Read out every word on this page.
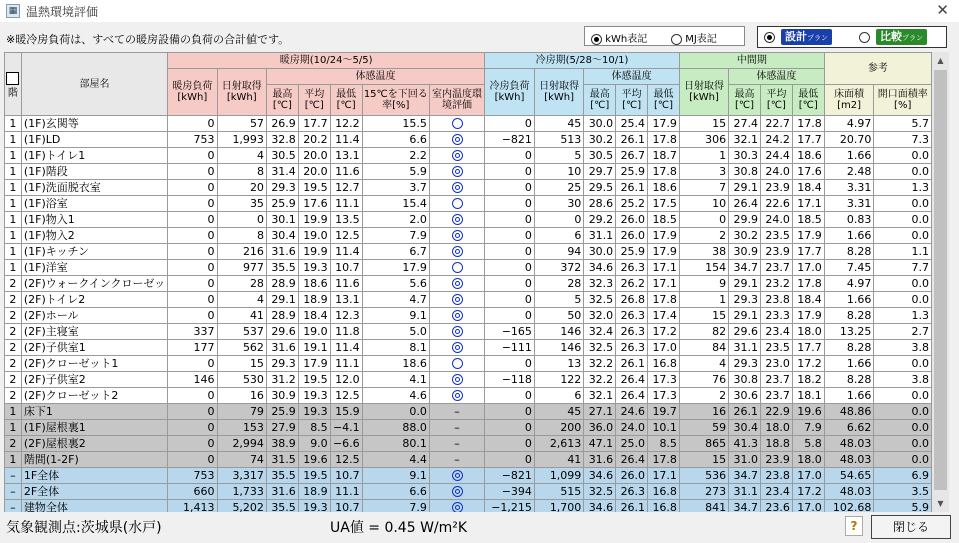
▦ 温熱環境評価	✕
※暖冷房負荷は、すべての暖房設備の負荷の合計値です。	kWh表記	MJ表記	設計プラン	比較プラン
階	部屋名	暖房期(10/24〜5/5)							冷房期(5/28〜10/1)					中間期				参考	
		暖房負荷[kWh]	日射取得[kWh]	体感温度					冷房負荷[kWh]	日射取得[kWh]	体感温度			日射取得[kWh]	体感温度				
				最高[℃]	平均[℃]	最低[℃]	15℃を下回る率[%]	室内温度環境評価			最高[℃]	平均[℃]	最低[℃]		最高[℃]	平均[℃]	最低[℃]	床面積[m2]	開口面積率[%]
1	(1F)玄関等	0	57	26.9	17.7	12.2	15.5		0	45	30.0	25.4	17.9	15	27.4	22.7	17.8	4.97	5.7
1	(1F)LD	753	1,993	32.8	20.2	11.4	6.6		−821	513	30.2	26.1	17.8	306	32.1	24.2	17.7	20.70	7.3
1	(1F)トイレ1	0	4	30.5	20.0	13.1	2.2		0	5	30.5	26.7	18.7	1	30.3	24.4	18.6	1.66	0.0
1	(1F)階段	0	8	31.4	20.0	11.6	5.9		0	10	29.7	25.9	17.8	3	30.8	24.0	17.6	2.48	0.0
1	(1F)洗面脱衣室	0	20	29.3	19.5	12.7	3.7		0	25	29.5	26.1	18.6	7	29.1	23.9	18.4	3.31	1.3
1	(1F)浴室	0	35	25.9	17.6	11.1	15.4		0	30	28.6	25.2	17.5	10	26.4	22.6	17.1	3.31	0.0
1	(1F)物入1	0	0	30.1	19.9	13.5	2.0		0	0	29.2	26.0	18.5	0	29.9	24.0	18.5	0.83	0.0
1	(1F)物入2	0	8	30.4	19.0	12.5	7.9		0	6	31.1	26.0	17.9	2	30.2	23.5	17.9	1.66	0.0
1	(1F)キッチン	0	216	31.6	19.9	11.4	6.7		0	94	30.0	25.9	17.9	38	30.9	23.9	17.7	8.28	1.1
1	(1F)洋室	0	977	35.5	19.3	10.7	17.9		0	372	34.6	26.3	17.1	154	34.7	23.7	17.0	7.45	7.7
2	(2F)ウォークインクローゼッ	0	28	28.9	18.6	11.6	5.6		0	28	32.3	26.2	17.1	9	29.1	23.2	17.8	4.97	0.0
2	(2F)トイレ2	0	4	29.1	18.9	13.1	4.7		0	5	32.5	26.8	17.8	1	29.3	23.8	18.4	1.66	0.0
2	(2F)ホール	0	41	28.9	18.4	12.3	9.1		0	50	32.0	26.3	17.4	15	29.1	23.3	17.9	8.28	1.3
2	(2F)主寝室	337	537	29.6	19.0	11.8	5.0		−165	146	32.4	26.3	17.2	82	29.6	23.4	18.0	13.25	2.7
2	(2F)子供室1	177	562	31.6	19.1	11.4	8.1		−111	146	32.5	26.3	17.0	84	31.1	23.5	17.7	8.28	3.8
2	(2F)クローゼット1	0	15	29.3	17.9	11.1	18.6		0	13	32.2	26.1	16.8	4	29.3	23.0	17.2	1.66	0.0
2	(2F)子供室2	146	530	31.2	19.5	12.0	4.1		−118	122	32.2	26.4	17.3	76	30.8	23.7	18.2	8.28	3.8
2	(2F)クローゼット2	0	16	30.9	19.3	12.5	4.6		0	6	32.1	26.4	17.3	2	30.6	23.7	18.1	1.66	0.0
1	床下1	0	79	25.9	19.3	15.9	0.0	–	0	45	27.1	24.6	19.7	16	26.1	22.9	19.6	48.86	0.0
1	(1F)屋根裏1	0	153	27.9	8.5	−4.1	88.0	–	0	200	36.0	24.0	10.1	59	30.4	18.0	7.9	6.62	0.0
2	(2F)屋根裏2	0	2,994	38.9	9.0	−6.6	80.1	–	0	2,613	47.1	25.0	8.5	865	41.3	18.8	5.8	48.03	0.0
1	階間(1-2F)	0	74	31.5	19.6	12.5	4.4	–	0	41	31.6	26.4	17.8	15	31.0	23.9	18.0	48.03	0.0
–	1F全体	753	3,317	35.5	19.5	10.7	9.1		−821	1,099	34.6	26.0	17.1	536	34.7	23.8	17.0	54.65	6.9
–	2F全体	660	1,733	31.6	18.9	11.1	6.6		−394	515	32.5	26.3	16.8	273	31.1	23.4	17.2	48.03	3.5
–	建物全体	1,413	5,202	35.5	19.3	10.7	7.9		−1,215	1,700	34.6	26.1	16.8	841	34.7	23.6	17.0	102.68	5.9
▲
▼
気象観測点:茨城県(水戸)	UA値 = 0.45 W/m²K	?	閉じる
